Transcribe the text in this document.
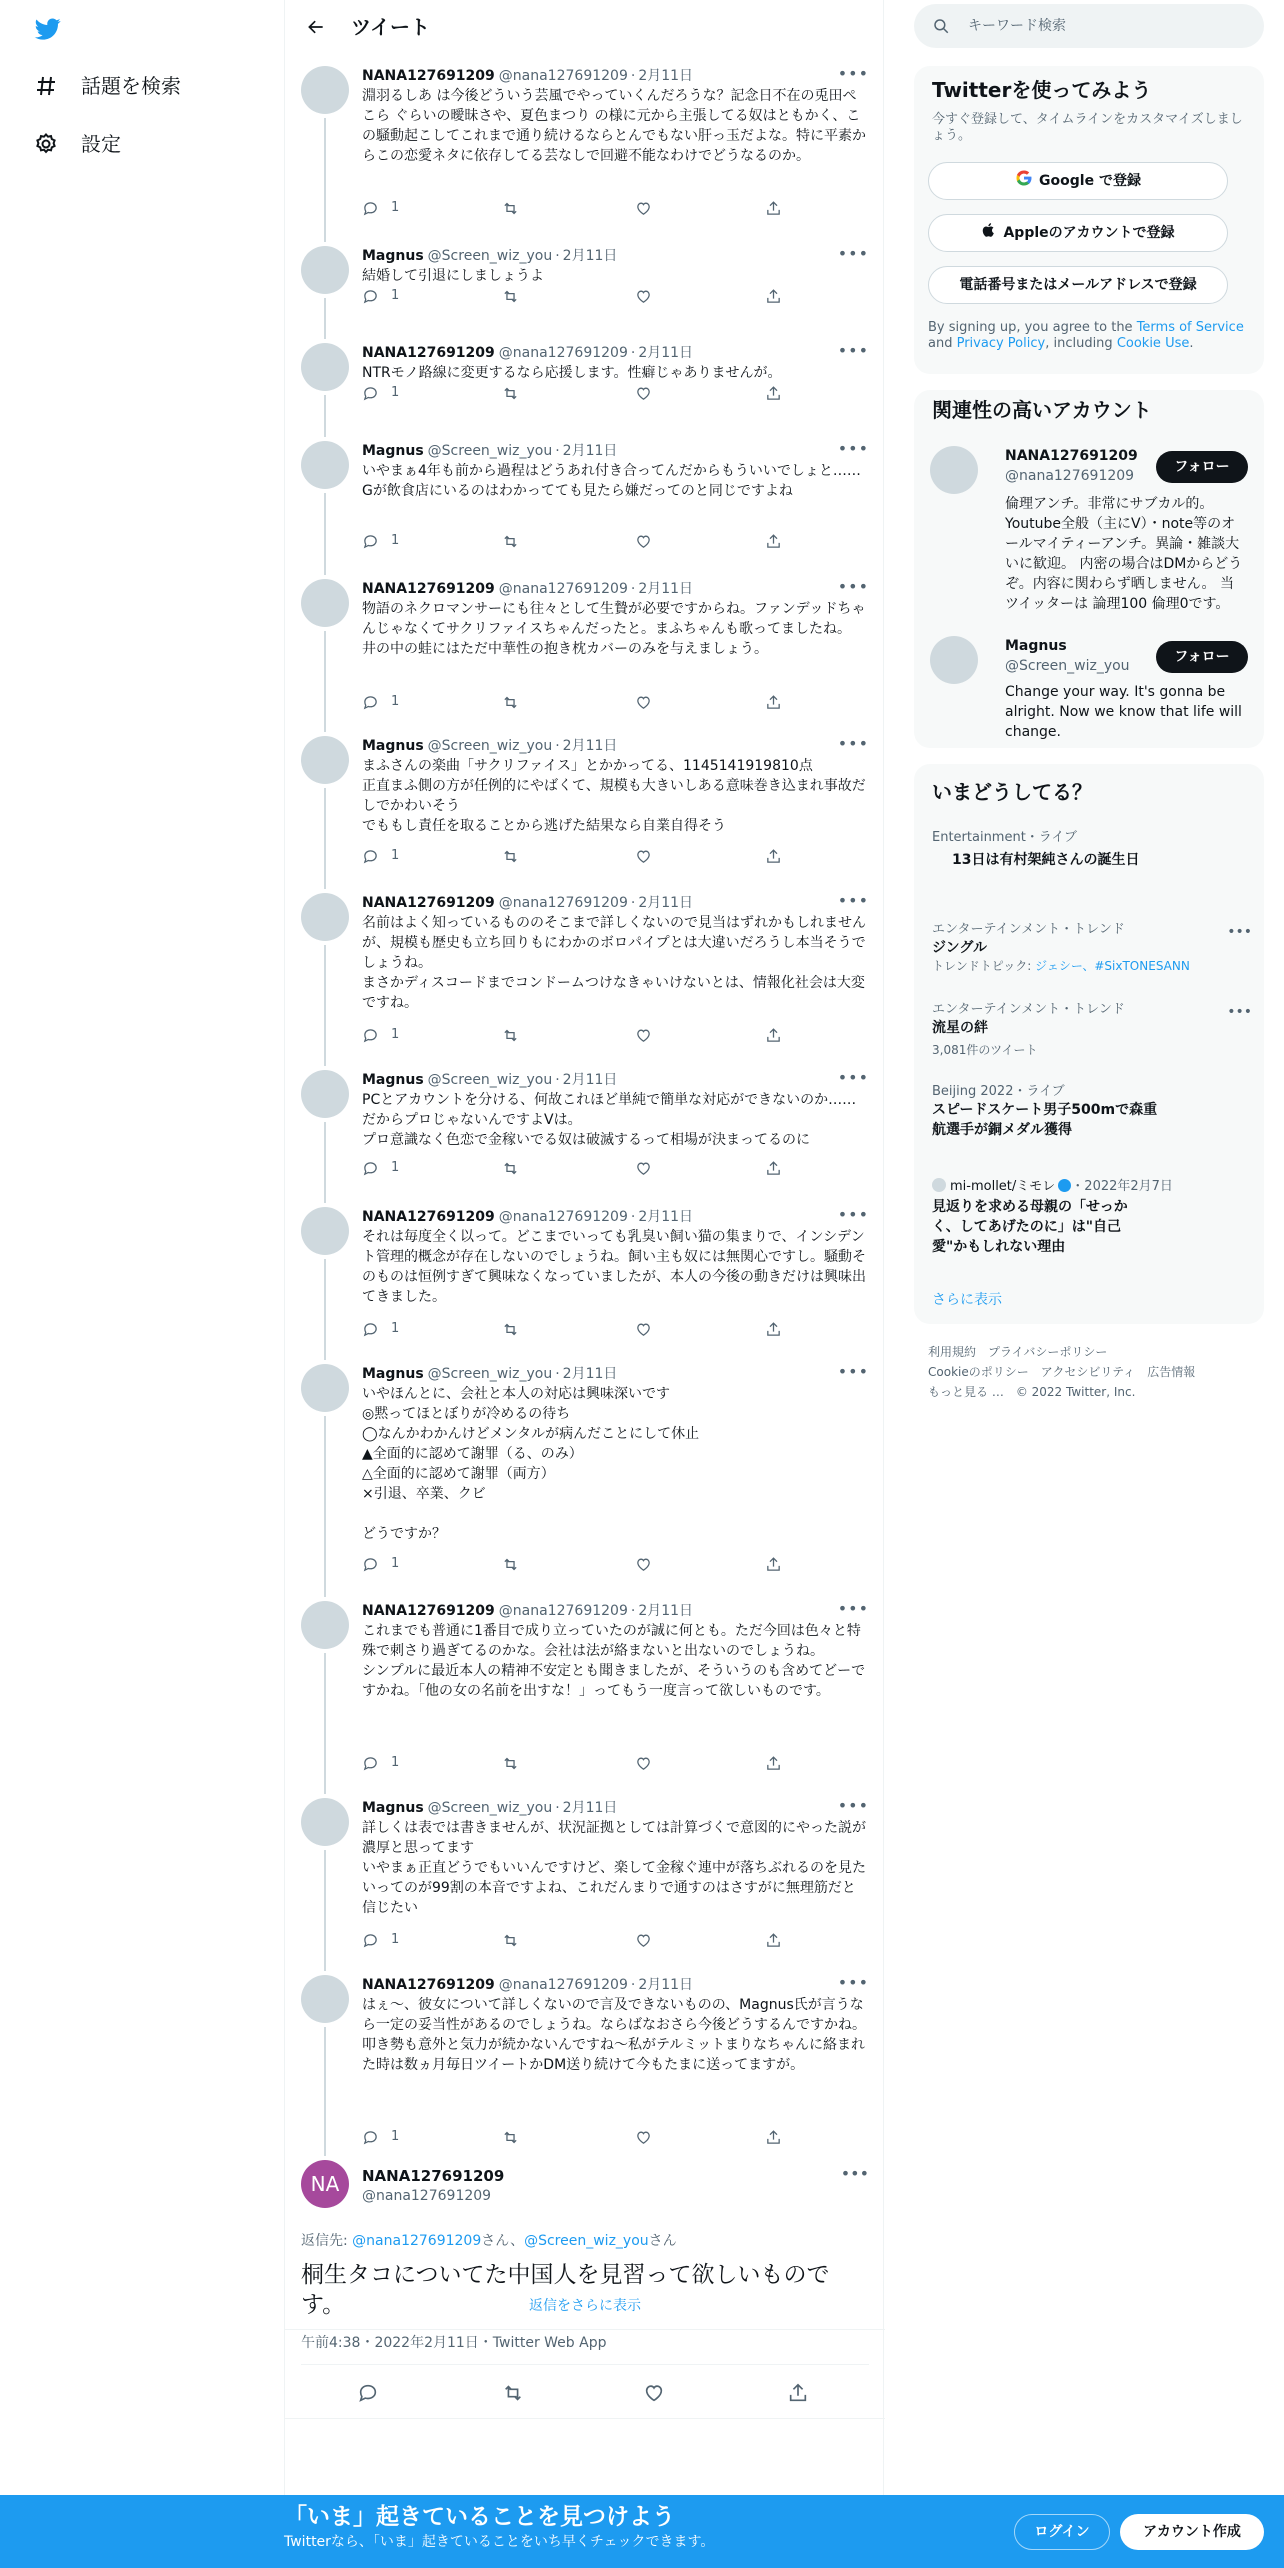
話題を検索
設定
ツイート
NANA127691209 @nana127691209 · 2月11日	•••
淵羽るしあ は今後どういう芸風でやっていくんだろうな？記念日不在の兎田ぺこら ぐらいの曖昧さや、夏色まつり の様に元から主張してる奴はともかく、この騒動起こしてこれまで通り続けるならとんでもない肝っ玉だよな。特に平素からこの恋愛ネタに依存してる芸なしで回避不能なわけでどうなるのか。
1
Magnus @Screen_wiz_you · 2月11日	•••
結婚して引退にしましょうよ
1
NANA127691209 @nana127691209 · 2月11日	•••
NTRモノ路線に変更するなら応援します。性癖じゃありませんが。
1
Magnus @Screen_wiz_you · 2月11日	•••
いやまぁ4年も前から過程はどうあれ付き合ってんだからもういいでしょと……
Gが飲食店にいるのはわかってても見たら嫌だってのと同じですよね
1
NANA127691209 @nana127691209 · 2月11日	•••
物語のネクロマンサーにも往々として生贄が必要ですからね。ファンデッドちゃんじゃなくてサクリファイスちゃんだったと。まふちゃんも歌ってましたね。
井の中の蛙にはただ中華性の抱き枕カバーのみを与えましょう。
1
Magnus @Screen_wiz_you · 2月11日	•••
まふさんの楽曲「サクリファイス」とかかってる、1145141919810点
正直まふ側の方が任例的にやばくて、規模も大きいしある意味巻き込まれ事故だしでかわいそう
でももし責任を取ることから逃げた結果なら自業自得そう
1
NANA127691209 @nana127691209 · 2月11日	•••
名前はよく知っているもののそこまで詳しくないので見当はずれかもしれませんが、規模も歴史も立ち回りもにわかのボロパイプとは大違いだろうし本当そうでしょうね。
まさかディスコードまでコンドームつけなきゃいけないとは、情報化社会は大変ですね。
1
Magnus @Screen_wiz_you · 2月11日	•••
PCとアカウントを分ける、何故これほど単純で簡単な対応ができないのか……だからプロじゃないんですよVは。
プロ意識なく色恋で金稼いでる奴は破滅するって相場が決まってるのに
1
NANA127691209 @nana127691209 · 2月11日	•••
それは毎度全く以って。どこまでいっても乳臭い飼い猫の集まりで、インシデント管理的概念が存在しないのでしょうね。飼い主も奴には無関心ですし。騒動そのものは恒例すぎて興味なくなっていましたが、本人の今後の動きだけは興味出てきました。
1
Magnus @Screen_wiz_you · 2月11日	•••
いやほんとに、会社と本人の対応は興味深いです
◎黙ってほとぼりが冷めるの待ち
◯なんかわかんけどメンタルが病んだことにして休止
▲全面的に認めて謝罪（る、のみ）
△全面的に認めて謝罪（両方）
×引退、卒業、クビ

どうですか？
1
NANA127691209 @nana127691209 · 2月11日	•••
これまでも普通に1番目で成り立っていたのが誠に何とも。ただ今回は色々と特殊で刺さり過ぎてるのかな。会社は法が絡まないと出ないのでしょうね。
シンプルに最近本人の精神不安定とも聞きましたが、そういうのも含めてどーですかね。「他の女の名前を出すな！」ってもう一度言って欲しいものです。
1
Magnus @Screen_wiz_you · 2月11日	•••
詳しくは表では書きませんが、状況証拠としては計算づくで意図的にやった説が濃厚と思ってます
いやまぁ正直どうでもいいんですけど、楽して金稼ぐ連中が落ちぶれるのを見たいってのが99割の本音ですよね、これだんまりで通すのはさすがに無理筋だと信じたい
1
NANA127691209 @nana127691209 · 2月11日	•••
はぇ～、彼女について詳しくないので言及できないものの、Magnus氏が言うなら一定の妥当性があるのでしょうね。ならばなおさら今後どうするんですかね。
叩き勢も意外と気力が続かないんですね～私がテルミットまりなちゃんに絡まれた時は数ヵ月毎日ツイートかDM送り続けて今もたまに送ってますが。
1
NA	NANA127691209
@nana127691209
•••
返信先: @nana127691209さん、@Screen_wiz_youさん
桐生タコについてた中国人を見習って欲しいものです。
午前4:38・2022年2月11日・Twitter Web App
返信をさらに表示
キーワード検索
Twitterを使ってみよう
今すぐ登録して、タイムラインをカスタマイズしましょう。
Google で登録
Appleのアカウントで登録
電話番号またはメールアドレスで登録
By signing up, you agree to the Terms of Service and Privacy Policy, including Cookie Use.
関連性の高いアカウント
NANA127691209
@nana127691209
フォロー
倫理アンチ。非常にサブカル的。Youtube全般（主にV）・note等のオールマイティーアンチ。異論・雑談大いに歓迎。 内密の場合はDMからどうぞ。内容に関わらず晒しません。 当ツイッターは 論理100 倫理0です。
Magnus
@Screen_wiz_you
フォロー
Change your way. It's gonna be alright. Now we know that life will change.
いまどうしてる？
Entertainment・ライブ
13日は有村架純さんの誕生日
•••
エンターテインメント・トレンド
ジングル
トレンドトピック: ジェシー、#SixTONESANN
•••
エンターテインメント・トレンド
流星の絆
3,081件のツイート
Beijing 2022・ライブ
スピードスケート男子500mで森重
航選手が銅メダル獲得
mi-mollet/ミモレ ・2022年2月7日
見返りを求める母親の「せっか
く、してあげたのに」は"自己
愛"かもしれない理由
さらに表示
利用規約 プライバシーポリシー
Cookieのポリシー アクセシビリティ 広告情報
もっと見る … © 2022 Twitter, Inc.
「いま」起きていることを見つけよう
Twitterなら、「いま」起きていることをいち早くチェックできます。
ログイン	アカウント作成
